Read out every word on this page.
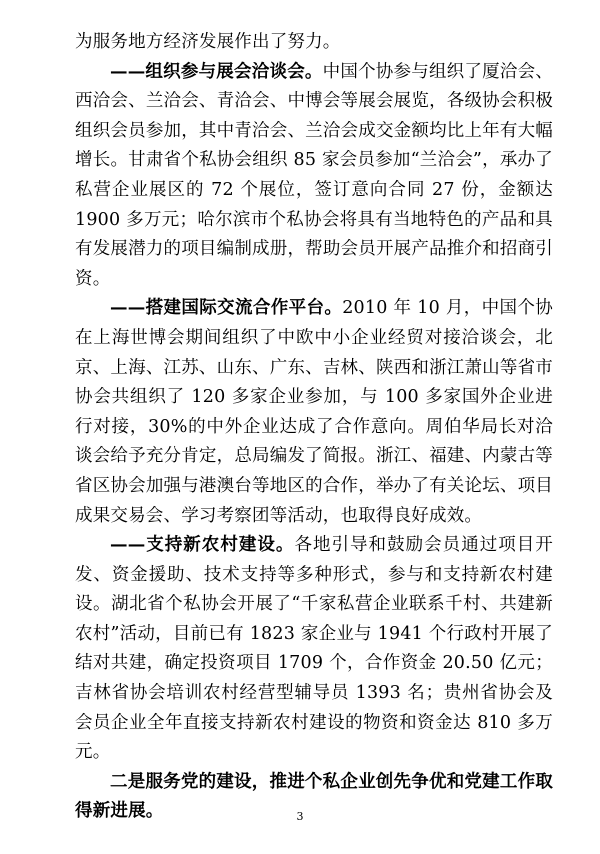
为服务地方经济发展作出了努力。

——组织参与展会洽谈会。中国个协参与组织了厦洽会、西洽会、兰洽会、青洽会、中博会等展会展览，各级协会积极组织会员参加，其中青洽会、兰洽会成交金额均比上年有大幅增长。甘肃省个私协会组织 85 家会员参加“兰洽会”，承办了私营企业展区的 72 个展位，签订意向合同 27 份，金额达 1900 多万元；哈尔滨市个私协会将具有当地特色的产品和具有发展潜力的项目编制成册，帮助会员开展产品推介和招商引资。

——搭建国际交流合作平台。2010 年 10 月，中国个协在上海世博会期间组织了中欧中小企业经贸对接洽谈会，北京、上海、江苏、山东、广东、吉林、陕西和浙江萧山等省市协会共组织了 120 多家企业参加，与 100 多家国外企业进行对接，30%的中外企业达成了合作意向。周伯华局长对洽谈会给予充分肯定，总局编发了简报。浙江、福建、内蒙古等省区协会加强与港澳台等地区的合作，举办了有关论坛、项目成果交易会、学习考察团等活动，也取得良好成效。

——支持新农村建设。各地引导和鼓励会员通过项目开发、资金援助、技术支持等多种形式，参与和支持新农村建设。湖北省个私协会开展了“千家私营企业联系千村、共建新农村”活动，目前已有 1823 家企业与 1941 个行政村开展了结对共建，确定投资项目 1709 个，合作资金 20.50 亿元；吉林省协会培训农村经营型辅导员 1393 名；贵州省协会及会员企业全年直接支持新农村建设的物资和资金达 810 多万元。

二是服务党的建设，推进个私企业创先争优和党建工作取得新进展。	3
